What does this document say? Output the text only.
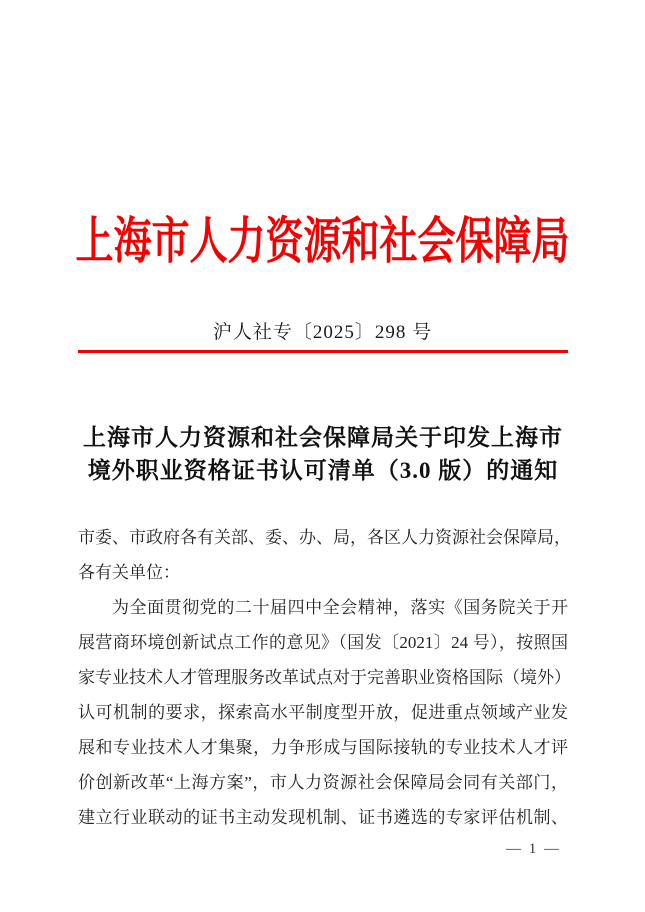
上海市人力资源和社会保障局
沪人社专〔2025〕298 号
上海市人力资源和社会保障局关于印发上海市
境外职业资格证书认可清单（3.0 版）的通知
市委、市政府各有关部、委、办、局，各区人力资源社会保障局，
各有关单位：
为全面贯彻党的二十届四中全会精神，落实《国务院关于开
展营商环境创新试点工作的意见》（国发〔2021〕24 号），按照国
家专业技术人才管理服务改革试点对于完善职业资格国际（境外）
认可机制的要求，探索高水平制度型开放，促进重点领域产业发
展和专业技术人才集聚，力争形成与国际接轨的专业技术人才评
价创新改革“上海方案”，市人力资源社会保障局会同有关部门，
建立行业联动的证书主动发现机制、证书遴选的专家评估机制、
— 1 —
